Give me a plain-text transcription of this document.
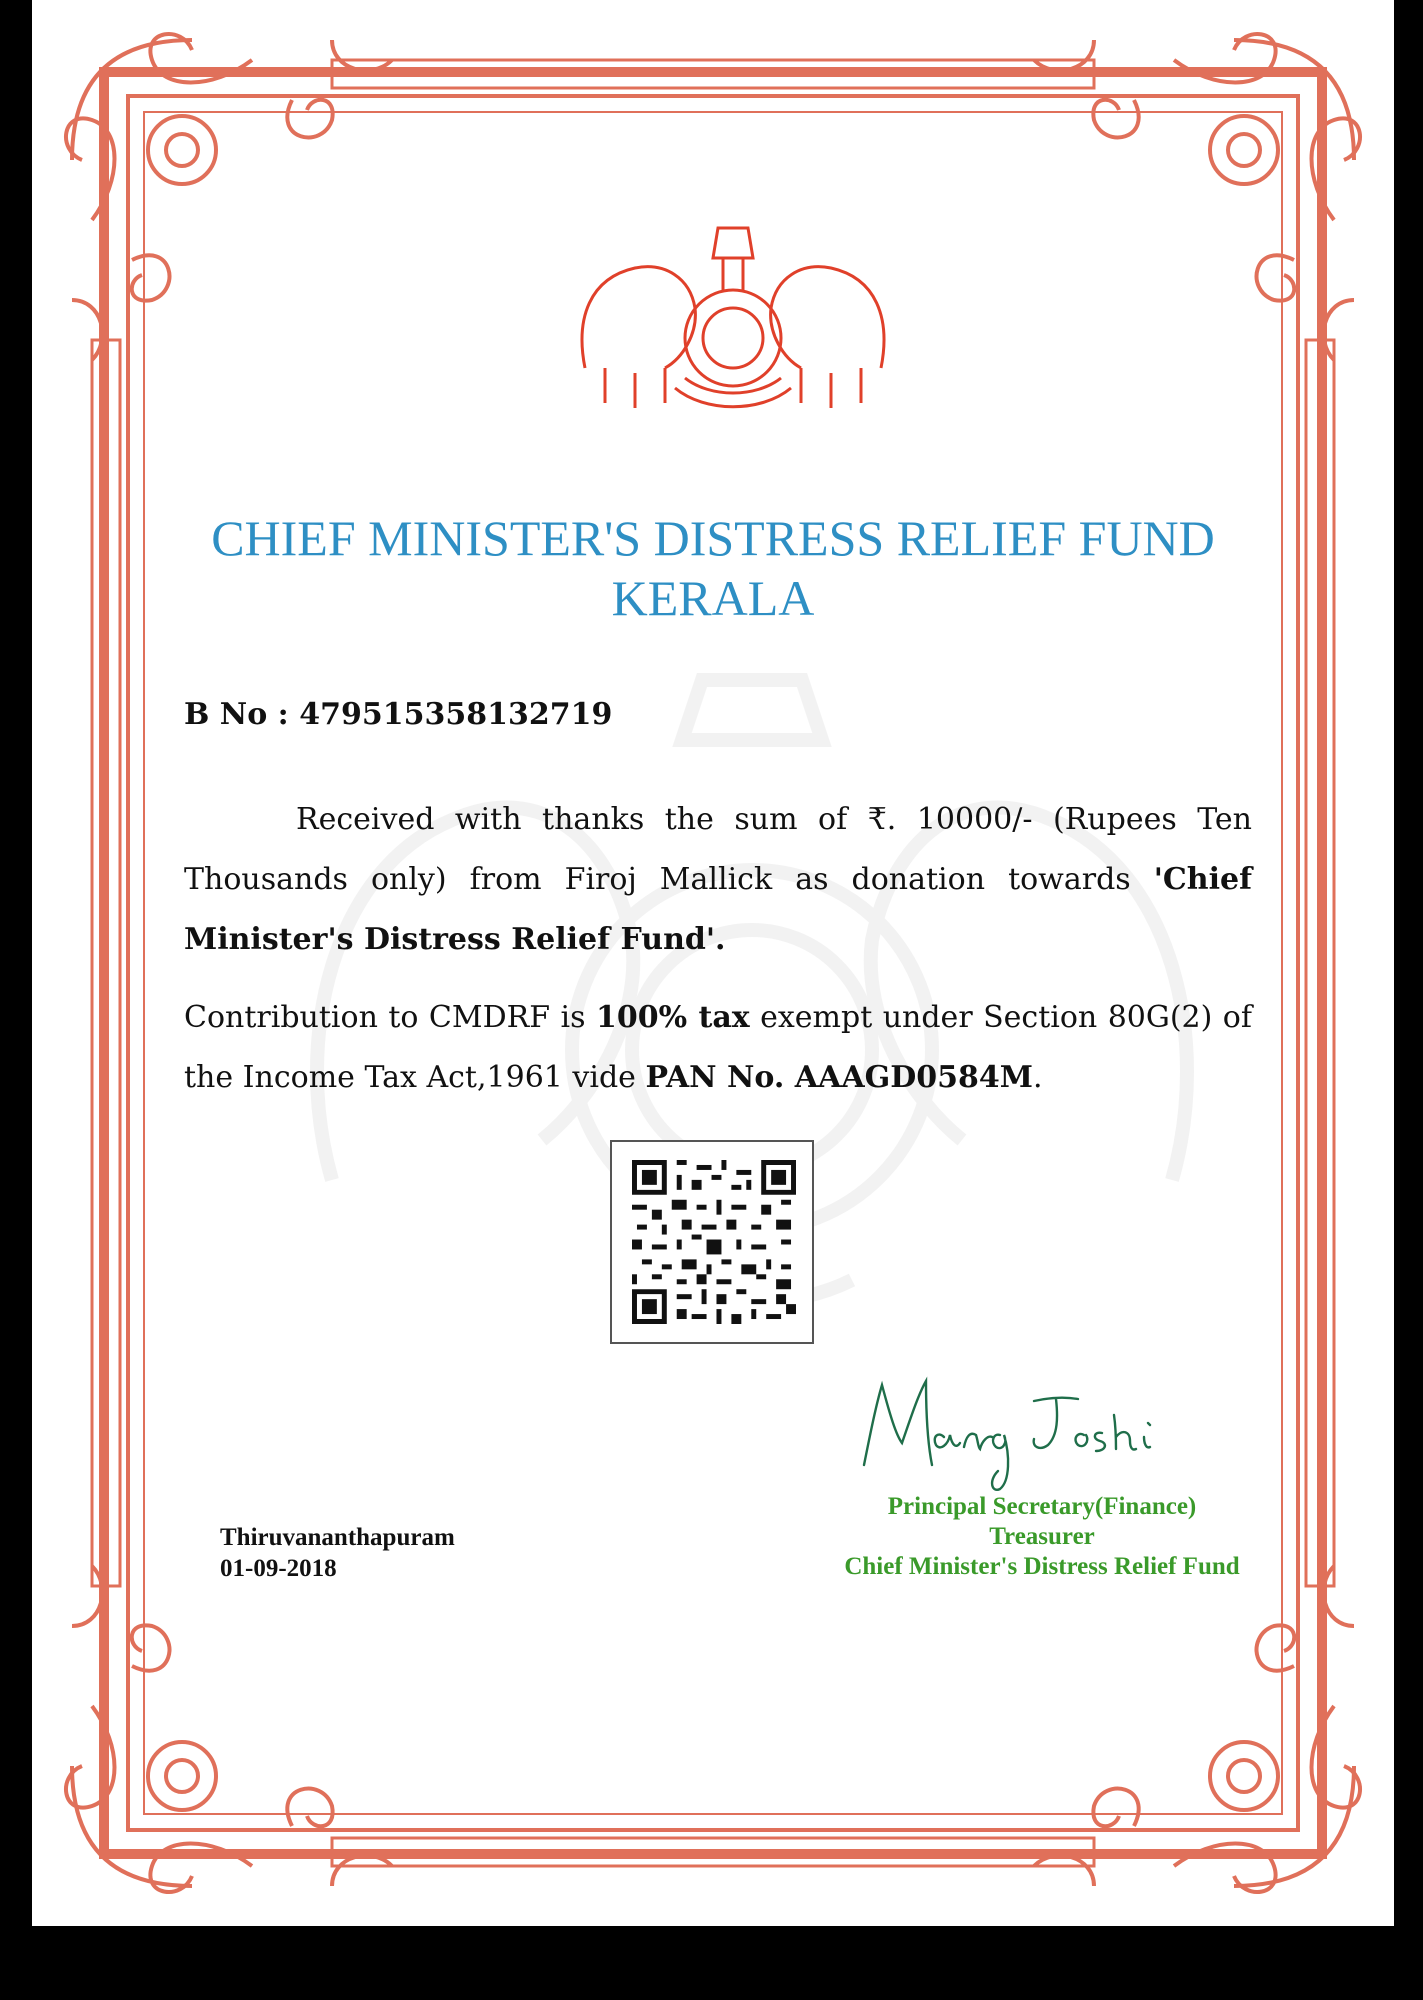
CHIEF MINISTER'S DISTRESS RELIEF FUND
KERALA
B No : 479515358132719
Received with thanks the sum of ₹. 10000/- (Rupees Ten Thousands only) from Firoj Mallick as donation towards 'Chief Minister's Distress Relief Fund'.
Contribution to CMDRF is 100% tax exempt under Section 80G(2) of the Income Tax Act,1961 vide PAN No. AAAGD0584M.
Thiruvananthapuram
01-09-2018
Principal Secretary(Finance)
Treasurer
Chief Minister's Distress Relief Fund
